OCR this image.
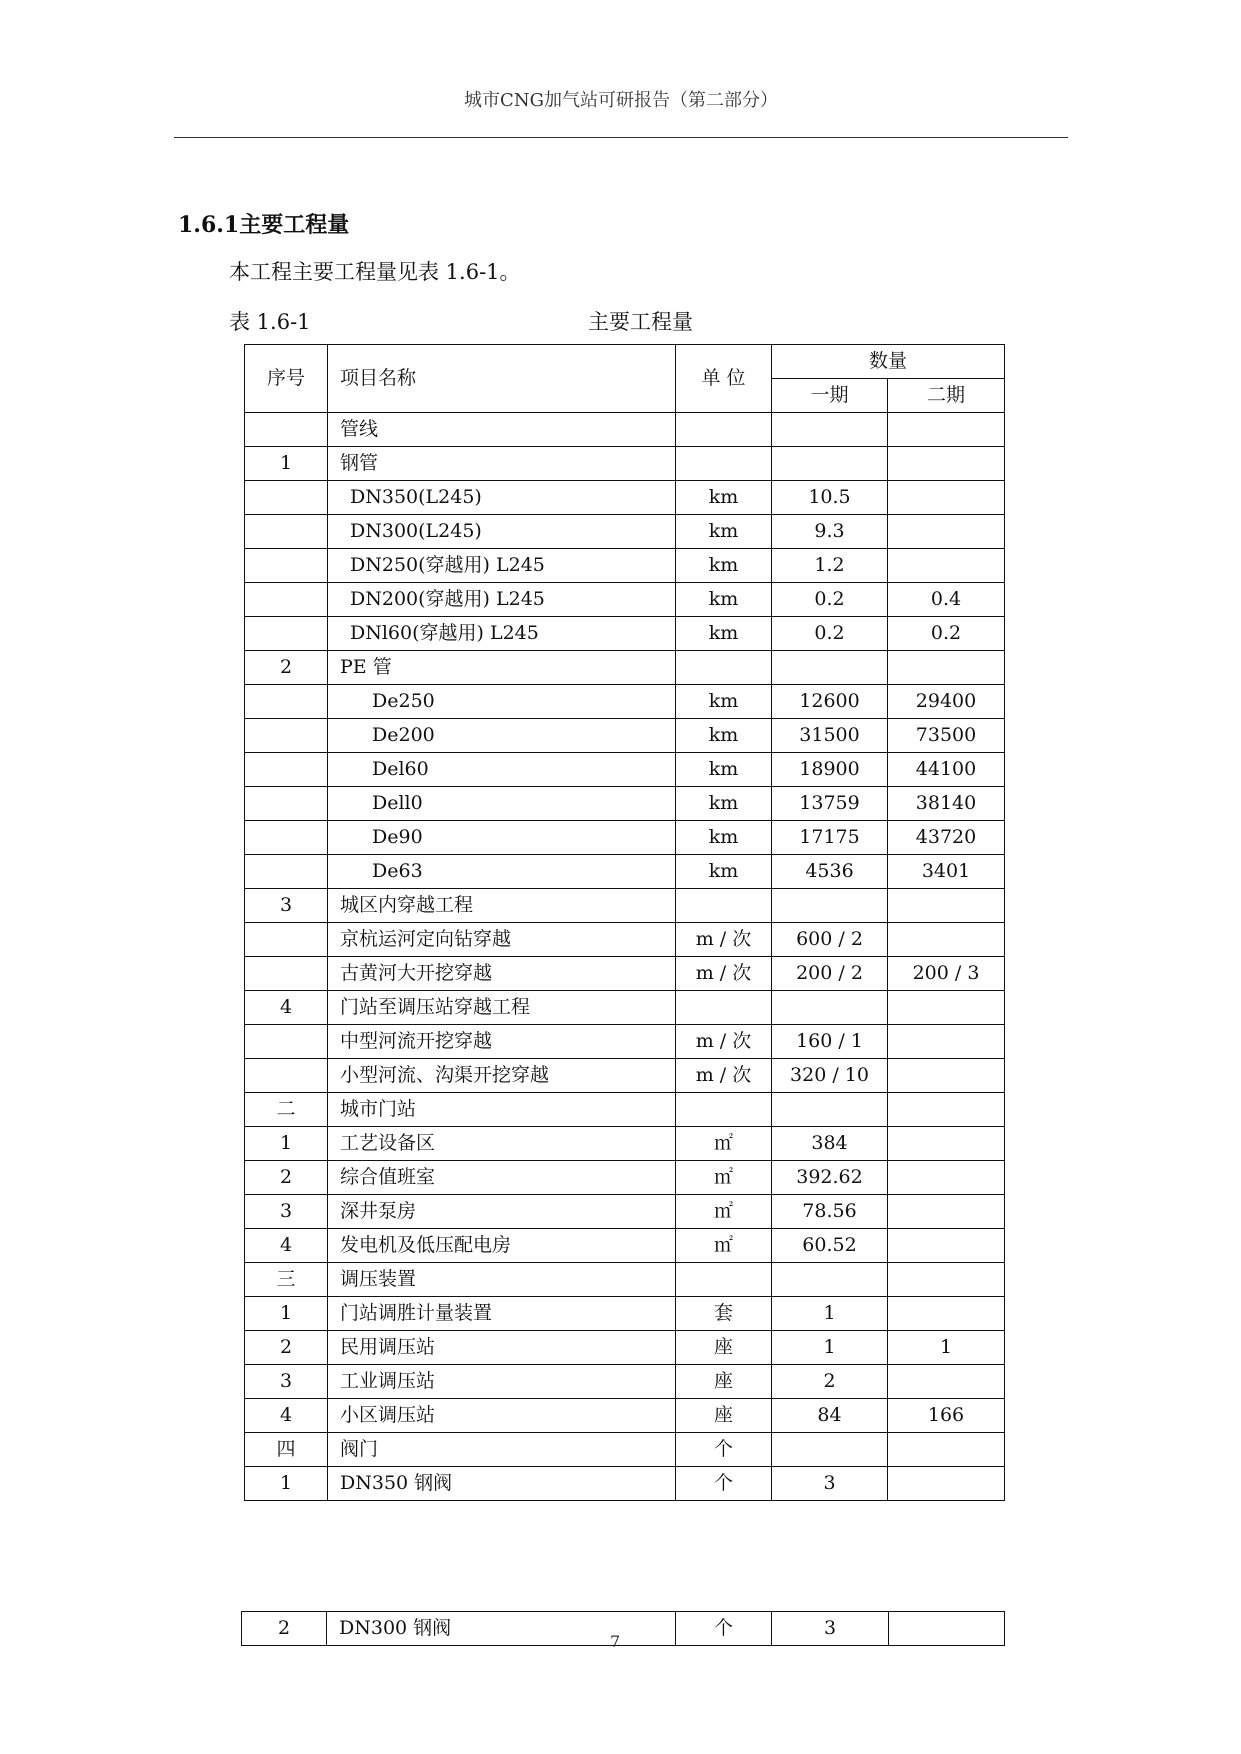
城市CNG加气站可研报告（第二部分）
1.6.1主要工程量
本工程主要工程量见表 1.6-1。
表 1.6-1	主要工程量
序号	项目名称	单 位	数量	
			一期	二期
	管线			
1	钢管			
	DN350(L245)	km	10.5	
	DN300(L245)	km	9.3	
	DN250(穿越用) L245	km	1.2	
	DN200(穿越用) L245	km	0.2	0.4
	DNl60(穿越用) L245	km	0.2	0.2
2	PE 管			
	De250	km	12600	29400
	De200	km	31500	73500
	Del60	km	18900	44100
	Dell0	km	13759	38140
	De90	km	17175	43720
	De63	km	4536	3401
3	城区内穿越工程			
	京杭运河定向钻穿越	m / 次	600 / 2	
	古黄河大开挖穿越	m / 次	200 / 2	200 / 3
4	门站至调压站穿越工程			
	中型河流开挖穿越	m / 次	160 / 1	
	小型河流、沟渠开挖穿越	m / 次	320 / 10	
二	城市门站			
1	工艺设备区	㎡	384	
2	综合值班室	㎡	392.62	
3	深井泵房	㎡	78.56	
4	发电机及低压配电房	㎡	60.52	
三	调压装置			
1	门站调胜计量装置	套	1	
2	民用调压站	座	1	1
3	工业调压站	座	2	
4	小区调压站	座	84	166
四	阀门	个		
1	DN350 钢阀	个	3	
2	DN300 钢阀	个	3	
7
